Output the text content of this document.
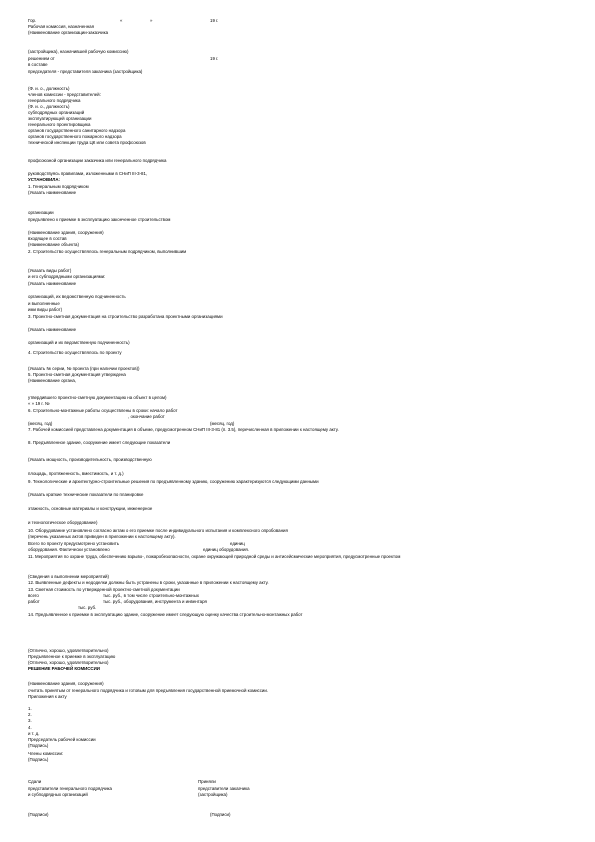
Гор.	«	»	19 г.
Рабочая комиссия, назначенная
(Наименование организации-заказчика
(застройщика), назначившей рабочую комиссию)
решением от	19 г.
в составе
председателя - представителя заказчика (застройщика)
(Ф. и. о., должность)
членов комиссии - представителей:
генерального подрядчика
(Ф. и. о., должность)
субподрядных организаций
эксплуатирующей организации
генерального проектировщика
органов государственного санитарного надзора
органов государственного пожарного надзора
технической инспекции труда ЦК или совета профсоюзов
профсоюзной организации заказчика или генерального подрядчика
руководствуясь правилами, изложенными в СНиП III-3-81,
УСТАНОВИЛА:
1. Генеральным подрядчиком
(Указать наименование
организации
предъявлено к приемке в эксплуатацию законченное строительством
(Наименование здания, сооружения)
входящее в состав
(Наименование объекта)
2. Строительство осуществлялось генеральным подрядчиком, выполнившим
(Указать виды работ)
и его субподрядными организациями:
(Указать наименование
организаций, их ведомственную подчиненность
и выполненные
ими виды работ)
3. Проектно-сметная документация на строительство разработана проектными организациями
(Указать наименование
организаций и их ведомственную подчиненность)
4. Строительство осуществлялось по проекту
(Указать № серии, № проекта (при наличии проектов))
5. Проектно-сметная документация утверждена
(Наименование органа,
утвердившего проектно-сметную документацию на объект в целом)
« » 19 г. №
6. Строительно-монтажные работы осуществлены в сроки: начало работ
, окончание работ
(месяц, год)	(месяц, год)
7. Рабочей комиссией представлена документация в объеме, предусмотренном СНиП III-3-81 (п. 3.5), перечисленная в приложении к настоящему акту.
8. Предъявленное здание, сооружение имеет следующие показатели
(Указать мощность, производительность, производственную
площадь, протяженность, вместимость, и т. д.)
9. Технологические и архитектурно-строительные решения по предъявленному зданию, сооружению характеризуются следующими данными
(Указать краткие технические показатели по планировке
этажность, основные материалы и конструкции, инженерное
и технологическое оборудование)
10. Оборудование установлено согласно актам о его приемке после индивидуального испытания и комплексного опробования
(перечень указанных актов приведен в приложении к настоящему акту).
Всего по проекту предусмотрено установить	единиц
оборудования. Фактически установлено	единиц оборудования.
11. Мероприятия по охране труда, обеспечению взрыво-, пожаробезопасности, охране окружающей природной среды и антисейсмические мероприятия, предусмотренные проектом
(Сведения о выполнении мероприятий)
12. Выявленные дефекты и недоделки должны быть устранены в сроки, указанные в приложении к настоящему акту.
13. Сметная стоимость по утвержденной проектно-сметной документации
всего	тыс. руб., в том числе строительно-монтажных
работ	тыс. руб., оборудования, инструмента и инвентаря
тыс. руб.
14. Предъявленное к приемке в эксплуатацию здание, сооружение имеет следующую оценку качества строительно-монтажных работ
(Отлично, хорошо, удовлетворительно)
Предъявленное к приемке в эксплуатацию
(Отлично, хорошо, удовлетворительно)
РЕШЕНИЕ РАБОЧЕЙ КОМИССИИ
(Наименование здания, сооружения)
считать принятым от генерального подрядчика и готовым для предъявления государственной приемочной комиссии.
Приложения к акту
1.
2.
3.
4.
и т. д.
Председатель рабочей комиссии
(Подпись)
Члены комиссии:
(Подпись)
Сдали	Приняли
представители генерального подрядчика	представители заказчика
и субподрядных организаций	(застройщика)
(Подписи)	(Подписи)
